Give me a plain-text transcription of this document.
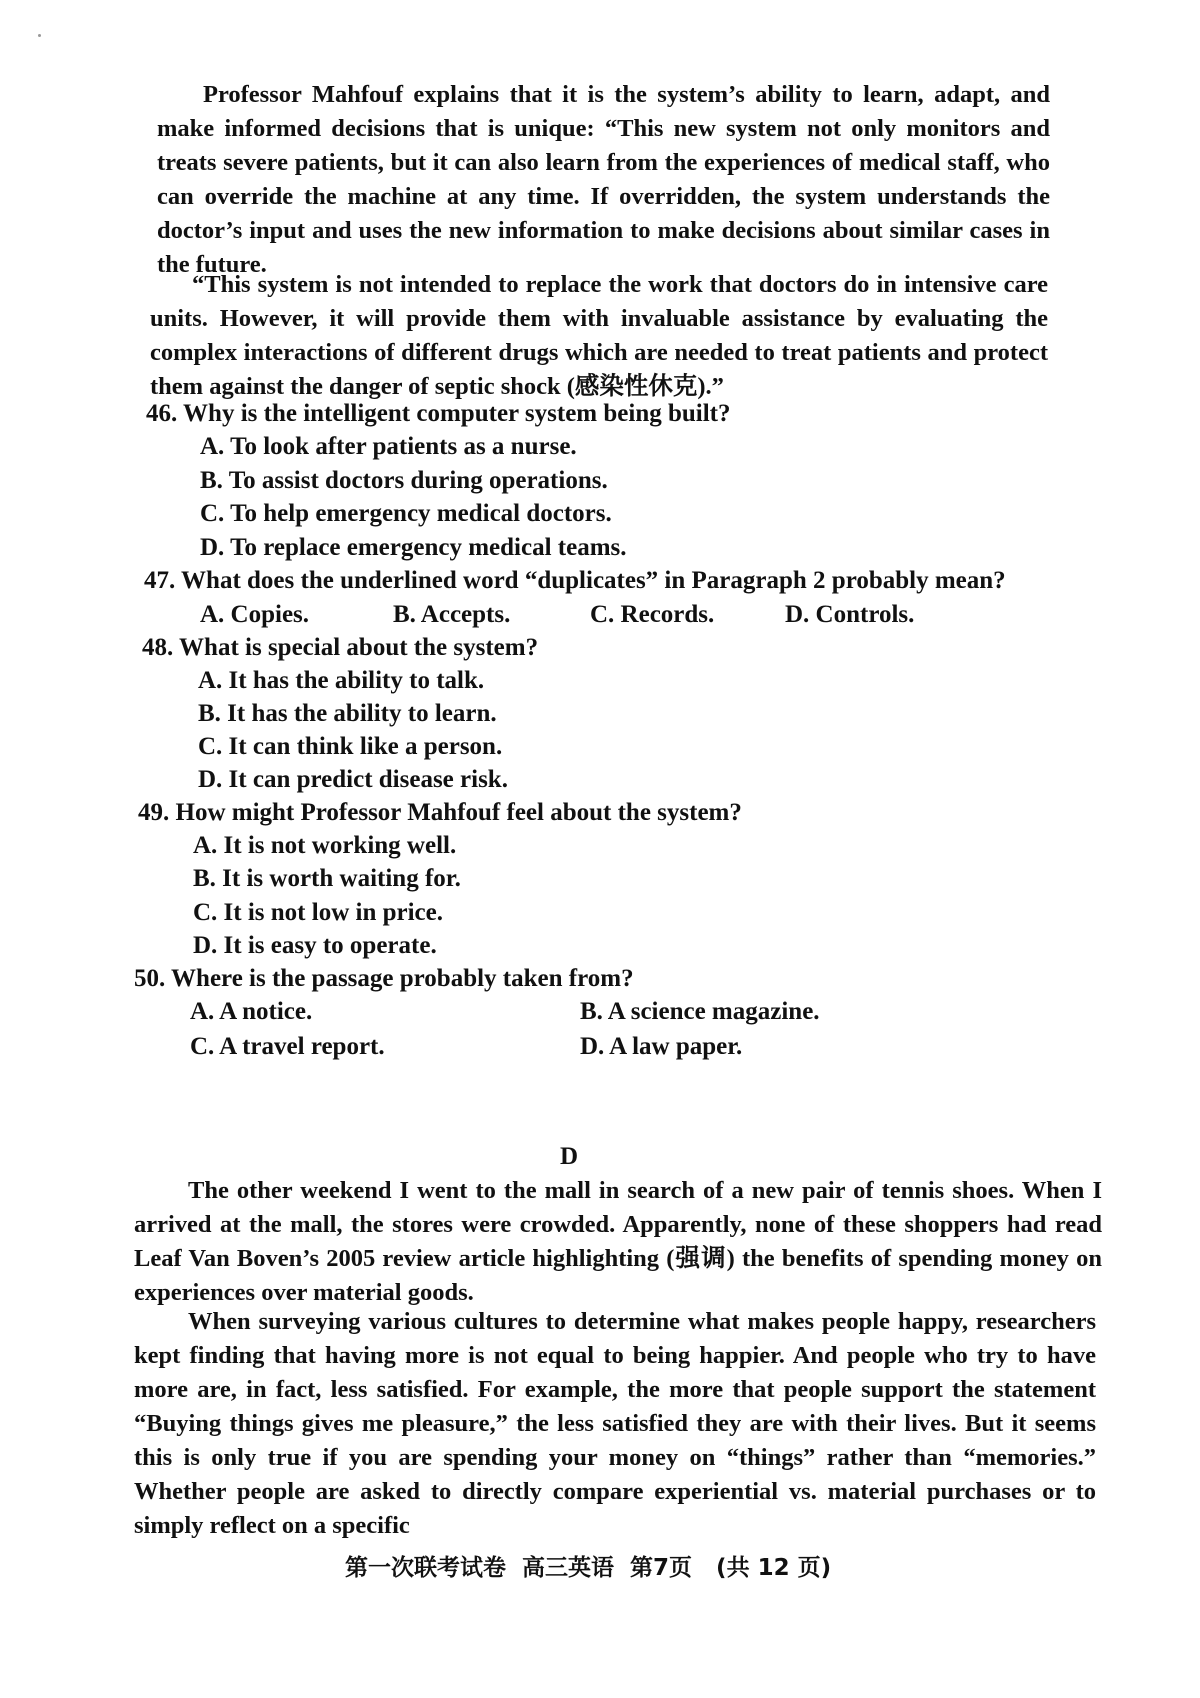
Professor Mahfouf explains that it is the system’s ability to learn, adapt, and make informed decisions that is unique: “This new system not only monitors and treats severe patients, but it can also learn from the experiences of medical staff, who can override the machine at any time. If overridden, the system understands the doctor’s input and uses the new information to make decisions about similar cases in the future.

“This system is not intended to replace the work that doctors do in intensive care units. However, it will provide them with invaluable assistance by evaluating the complex interactions of different drugs which are needed to treat patients and protect them against the danger of septic shock (感染性休克).”

46. Why is the intelligent computer system being built?

A. To look after patients as a nurse.

B. To assist doctors during operations.

C. To help emergency medical doctors.

D. To replace emergency medical teams.

47. What does the underlined word “duplicates” in Paragraph 2 probably mean?

A. Copies.	B. Accepts.	C. Records.	D. Controls.

48. What is special about the system?

A. It has the ability to talk.

B. It has the ability to learn.

C. It can think like a person.

D. It can predict disease risk.

49. How might Professor Mahfouf feel about the system?

A. It is not working well.

B. It is worth waiting for.

C. It is not low in price.

D. It is easy to operate.

50. Where is the passage probably taken from?

A. A notice.	B. A science magazine.

C. A travel report.	D. A law paper.

D

The other weekend I went to the mall in search of a new pair of tennis shoes. When I arrived at the mall, the stores were crowded. Apparently, none of these shoppers had read Leaf Van Boven’s 2005 review article highlighting (强调) the benefits of spending money on experiences over material goods.

When surveying various cultures to determine what makes people happy, researchers kept finding that having more is not equal to being happier. And people who try to have more are, in fact, less satisfied. For example, the more that people support the statement “Buying things gives me pleasure,” the less satisfied they are with their lives. But it seems this is only true if you are spending your money on “things” rather than “memories.” Whether people are asked to directly compare experiential vs. material purchases or to simply reflect on a specific

第一次联考试卷  高三英语  第7页   (共 12 页)
